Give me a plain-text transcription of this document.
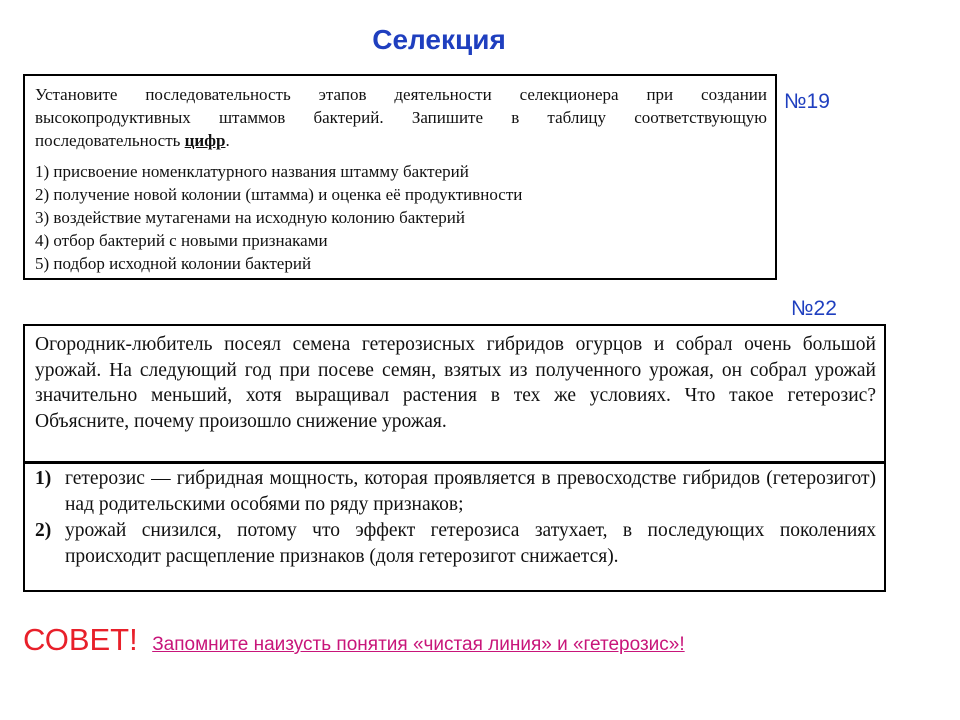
Селекция
№19

Установите последовательность этапов деятельности селекционера при создании высокопродуктивных штаммов бактерий. Запишите в таблицу соответствующую последовательность цифр.

1) присвоение номенклатурного названия штамму бактерий

2) получение новой колонии (штамма) и оценка её продуктивности

3) воздействие мутагенами на исходную колонию бактерий

4) отбор бактерий с новыми признаками

5) подбор исходной колонии бактерий

№22
Огородник-любитель посеял семена гетерозисных гибридов огурцов и собрал очень большой урожай. На следующий год при посеве семян, взятых из полученного урожая, он собрал урожай значительно меньший, хотя выращивал растения в тех же условиях. Что такое гетерозис? Объясните, почему произошло снижение урожая.
1) гетерозис — гибридная мощность, которая проявляется в превосходстве гибридов (гетерозигот) над родительскими особями по ряду признаков;
2) урожай снизился, потому что эффект гетерозиса затухает, в последующих поколениях происходит расщепление признаков (доля гетерозигот снижается).
СОВЕТ! Запомните наизусть понятия «чистая линия» и «гетерозис»!
